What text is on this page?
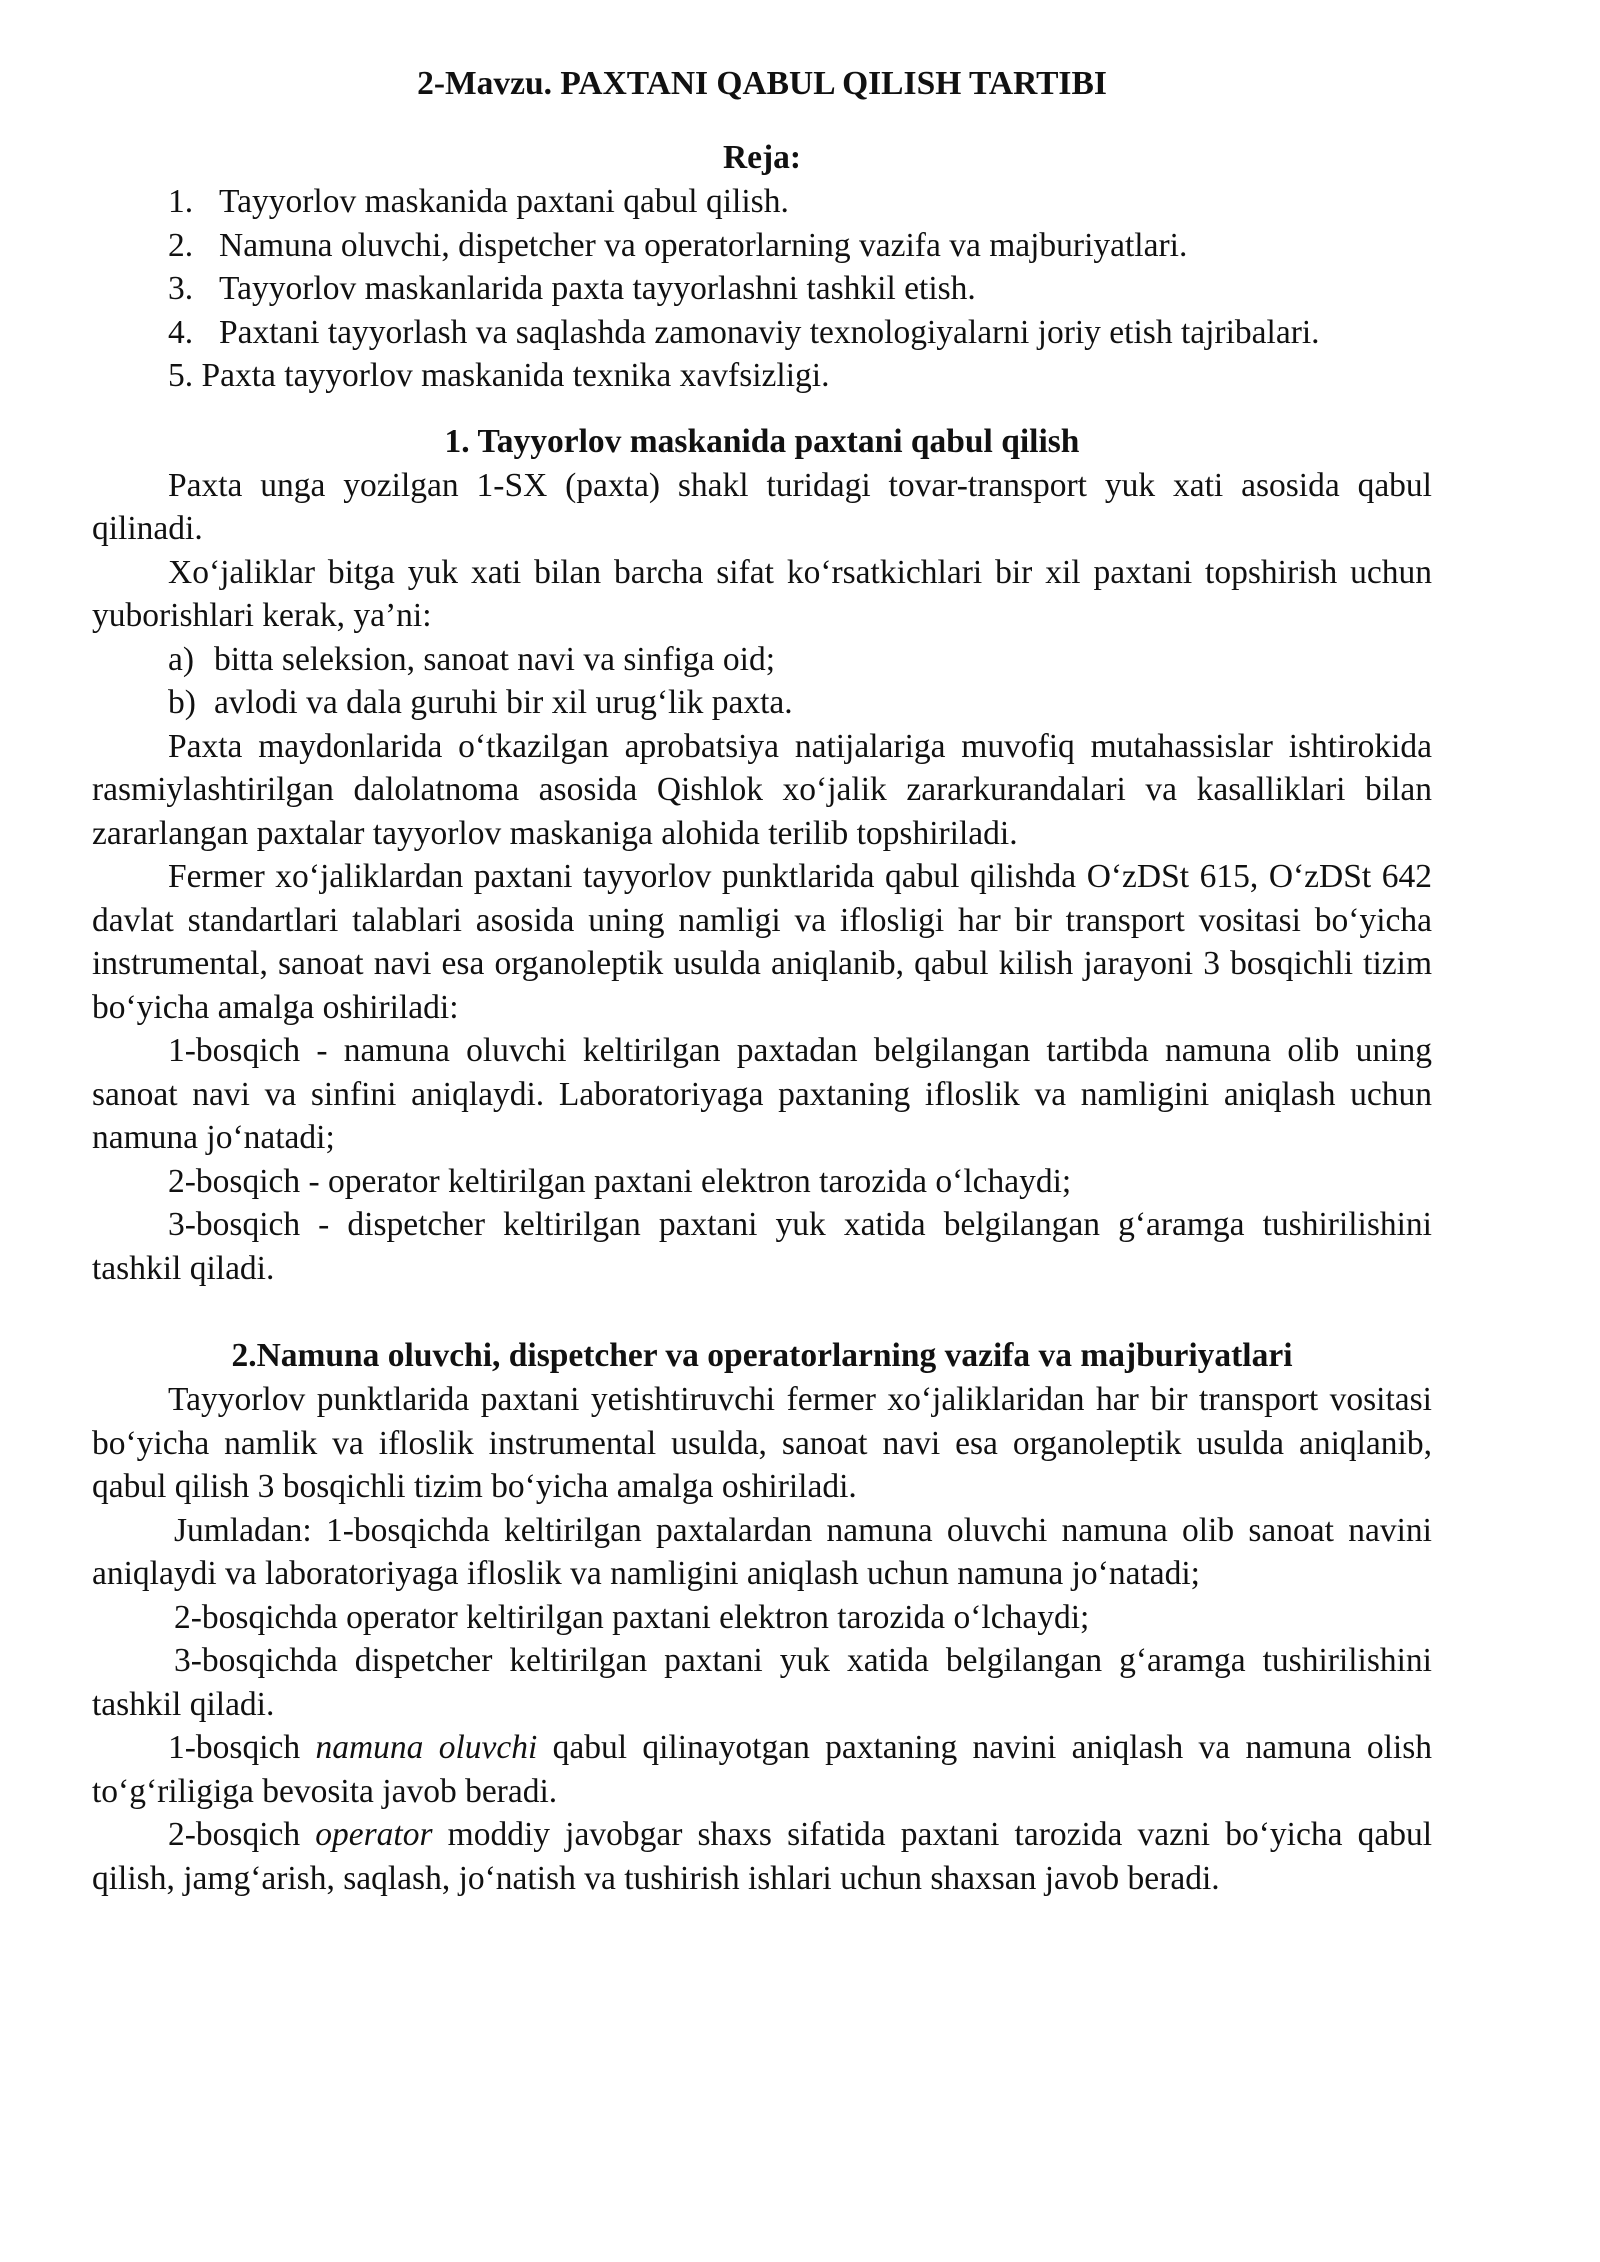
2-Mavzu. PAXTANI QABUL QILISH TARTIBI
Reja:
1. Tayyorlov maskanida paxtani qabul qilish.
2. Namuna oluvchi, dispetcher va operatorlarning vazifa va majburiyatlari.
3. Tayyorlov maskanlarida paxta tayyorlashni tashkil etish.
4. Paxtani tayyorlash va saqlashda zamonaviy texnologiyalarni joriy etish tajribalari.
5. Paxta tayyorlov maskanida texnika xavfsizligi.
1. Tayyorlov maskanida paxtani qabul qilish

Paxta unga yozilgan 1-SX (paxta) shakl turidagi tovar-transport yuk xati asosida qabul qilinadi.

Xo‘jaliklar bitga yuk xati bilan barcha sifat ko‘rsatkichlari bir xil paxtani topshirish uchun yuborishlari kerak, ya’ni:

a) bitta seleksion, sanoat navi va sinfiga oid;
b) avlodi va dala guruhi bir xil urug‘lik paxta.

Paxta maydonlarida o‘tkazilgan aprobatsiya natijalariga muvofiq mutahassislar ishtirokida rasmiylashtirilgan dalolatnoma asosida Qishlok xo‘jalik zararkurandalari va kasalliklari bilan zararlangan paxtalar tayyorlov maskaniga alohida terilib topshiriladi.

Fermer xo‘jaliklardan paxtani tayyorlov punktlarida qabul qilishda O‘zDSt 615, O‘zDSt 642 davlat standartlari talablari asosida uning namligi va iflosligi har bir transport vositasi bo‘yicha instrumental, sanoat navi esa organoleptik usulda aniqlanib, qabul kilish jarayoni 3 bosqichli tizim bo‘yicha amalga oshiriladi:

1-bosqich - namuna oluvchi keltirilgan paxtadan belgilangan tartibda namuna olib uning sanoat navi va sinfini aniqlaydi. Laboratoriyaga paxtaning ifloslik va namligini aniqlash uchun namuna jo‘natadi;

2-bosqich - operator keltirilgan paxtani elektron tarozida o‘lchaydi;

3-bosqich - dispetcher keltirilgan paxtani yuk xatida belgilangan g‘aramga tushirilishini tashkil qiladi.

2.Namuna oluvchi, dispetcher va operatorlarning vazifa va majburiyatlari

Tayyorlov punktlarida paxtani yetishtiruvchi fermer xo‘jaliklaridan har bir transport vositasi bo‘yicha namlik va ifloslik instrumental usulda, sanoat navi esa organoleptik usulda aniqlanib, qabul qilish 3 bosqichli tizim bo‘yicha amalga oshiriladi.

Jumladan: 1-bosqichda keltirilgan paxtalardan namuna oluvchi namuna olib sanoat navini aniqlaydi va laboratoriyaga ifloslik va namligini aniqlash uchun namuna jo‘natadi;

2-bosqichda operator keltirilgan paxtani elektron tarozida o‘lchaydi;

3-bosqichda dispetcher keltirilgan paxtani yuk xatida belgilangan g‘aramga tushirilishini tashkil qiladi.

1-bosqich namuna oluvchi qabul qilinayotgan paxtaning navini aniqlash va namuna olish to‘g‘riligiga bevosita javob beradi.

2-bosqich operator moddiy javobgar shaxs sifatida paxtani tarozida vazni bo‘yicha qabul qilish, jamg‘arish, saqlash, jo‘natish va tushirish ishlari uchun shaxsan javob beradi.
